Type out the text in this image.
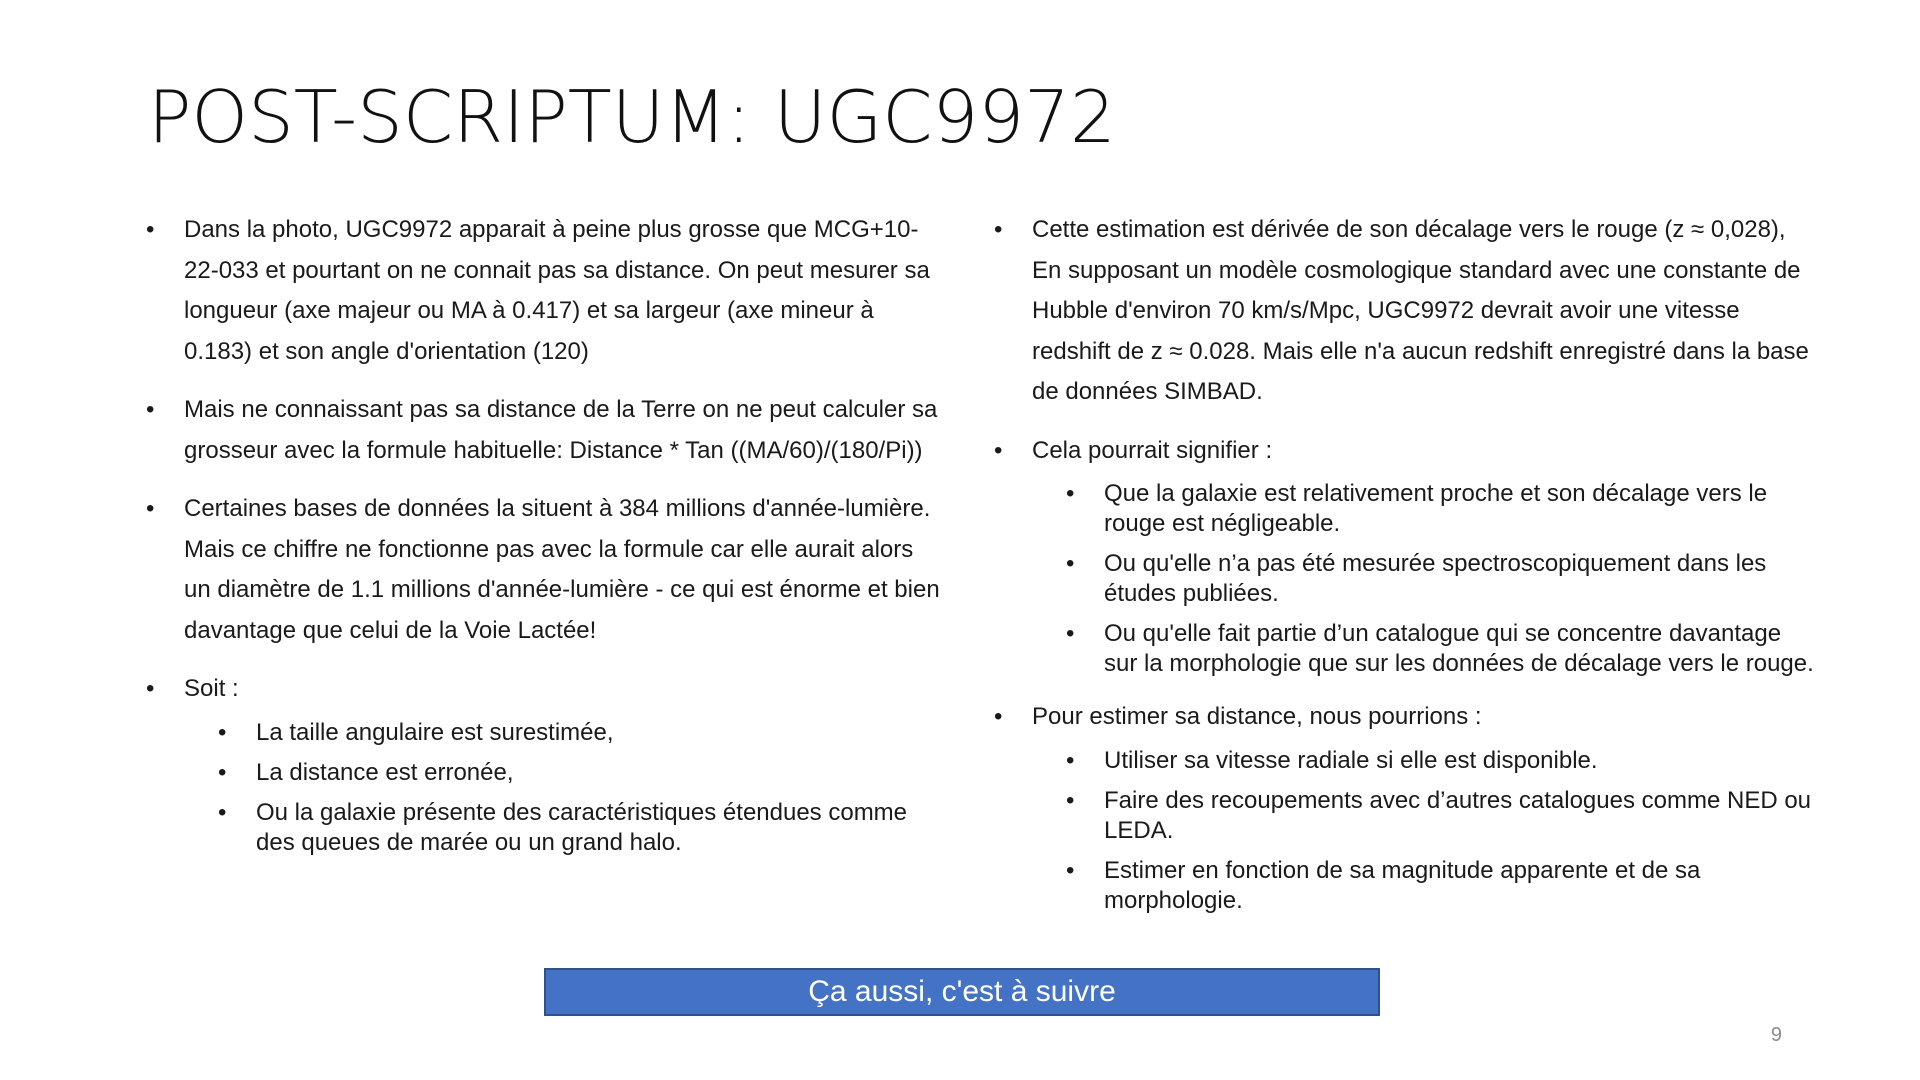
POST-SCRIPTUM: UGC9972
• Dans la photo, UGC9972 apparait à peine plus grosse que MCG+10-22-033 et pourtant on ne connait pas sa distance. On peut mesurer sa longueur (axe majeur ou MA à 0.417) et sa largeur (axe mineur à 0.183) et son angle d'orientation (120)
• Mais ne connaissant pas sa distance de la Terre on ne peut calculer sa grosseur avec la formule habituelle: Distance * Tan ((MA/60)/(180/Pi))
• Certaines bases de données la situent à 384 millions d'année-lumière. Mais ce chiffre ne fonctionne pas avec la formule car elle aurait alors un diamètre de 1.1 millions d'année-lumière - ce qui est énorme et bien davantage que celui de la Voie Lactée!
• Soit :
• La taille angulaire est surestimée,
• La distance est erronée,
• Ou la galaxie présente des caractéristiques étendues comme des queues de marée ou un grand halo.
• Cette estimation est dérivée de son décalage vers le rouge (z ≈ 0,028), En supposant un modèle cosmologique standard avec une constante de Hubble d'environ 70 km/s/Mpc, UGC9972 devrait avoir une vitesse redshift de z ≈ 0.028. Mais elle n'a aucun redshift enregistré dans la base de données SIMBAD.
• Cela pourrait signifier :
• Que la galaxie est relativement proche et son décalage vers le rouge est négligeable.
• Ou qu'elle n’a pas été mesurée spectroscopiquement dans les études publiées.
• Ou qu'elle fait partie d’un catalogue qui se concentre davantage sur la morphologie que sur les données de décalage vers le rouge.
• Pour estimer sa distance, nous pourrions :
• Utiliser sa vitesse radiale si elle est disponible.
• Faire des recoupements avec d’autres catalogues comme NED ou LEDA.
• Estimer en fonction de sa magnitude apparente et de sa morphologie.
Ça aussi, c'est à suivre
9
